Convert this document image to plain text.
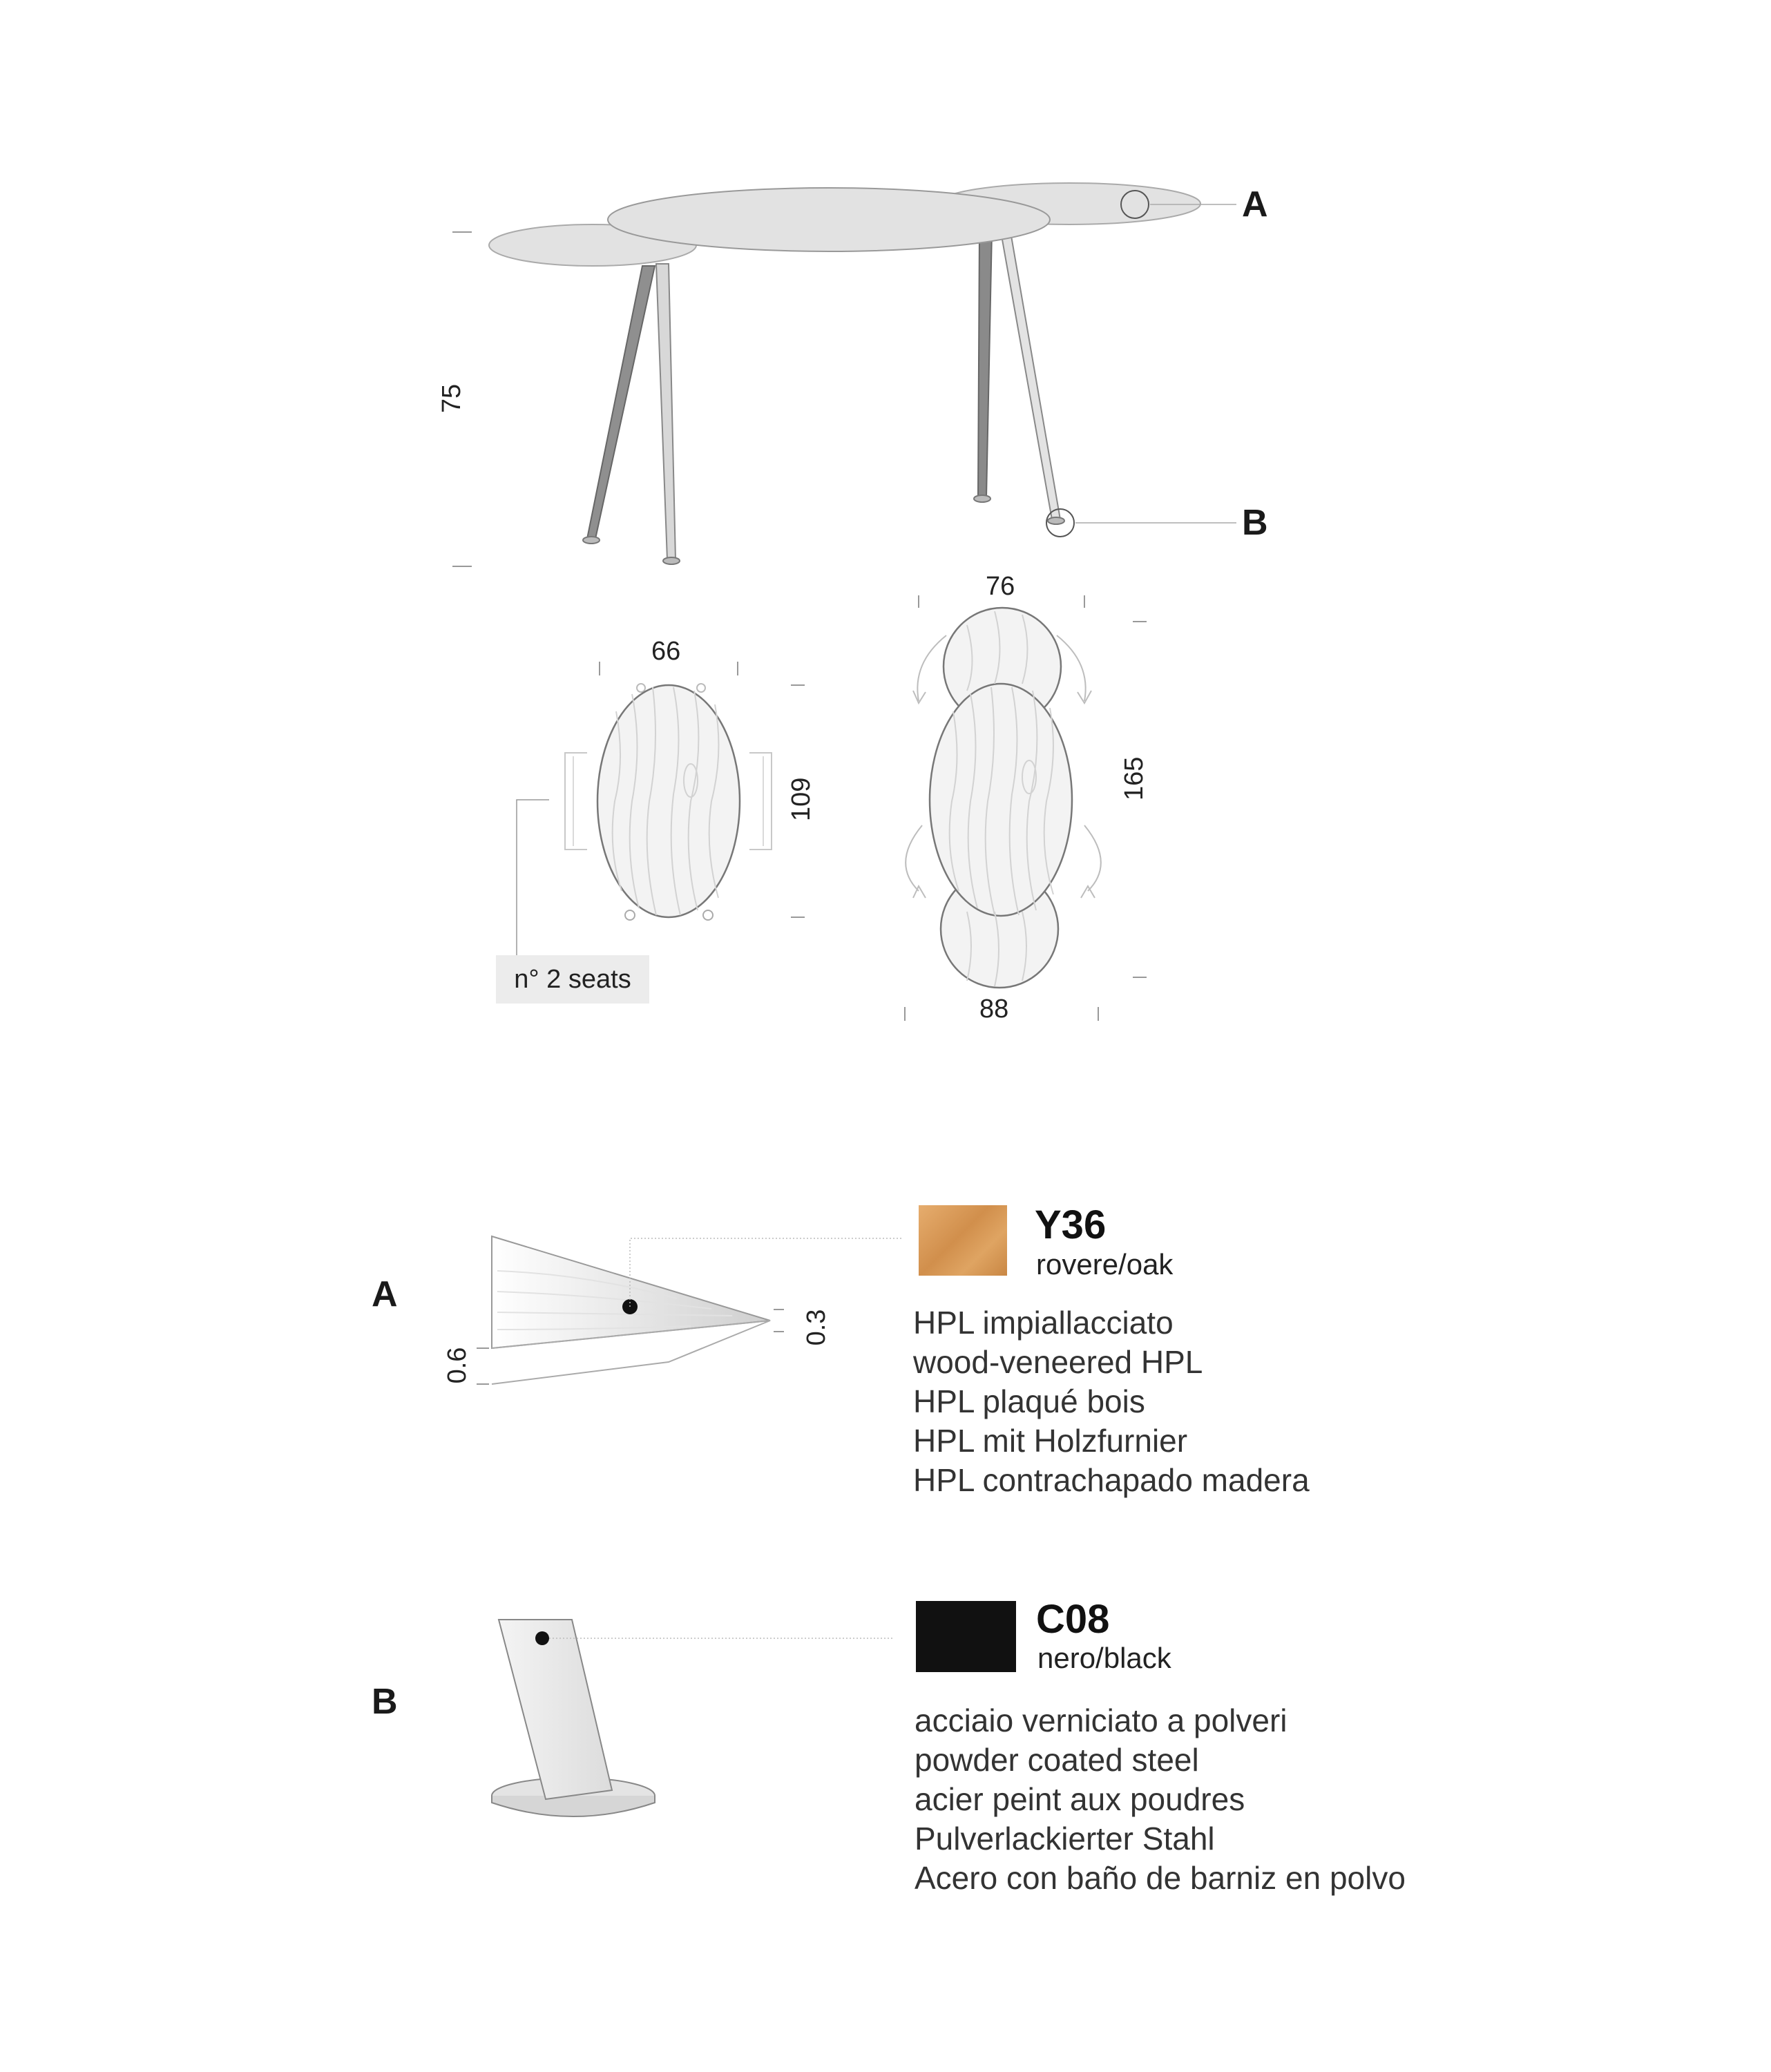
75
A
B
66
109
n° 2 seats
76
165
88
A
0.3
0.6
Y36
rovere/oak
HPL impiallacciato
wood-veneered HPL
HPL plaqué bois
HPL mit Holzfurnier
HPL contrachapado madera
B
C08
nero/black
acciaio verniciato a polveri
powder coated steel
acier peint aux poudres
Pulverlackierter Stahl
Acero con baño de barniz en polvo
